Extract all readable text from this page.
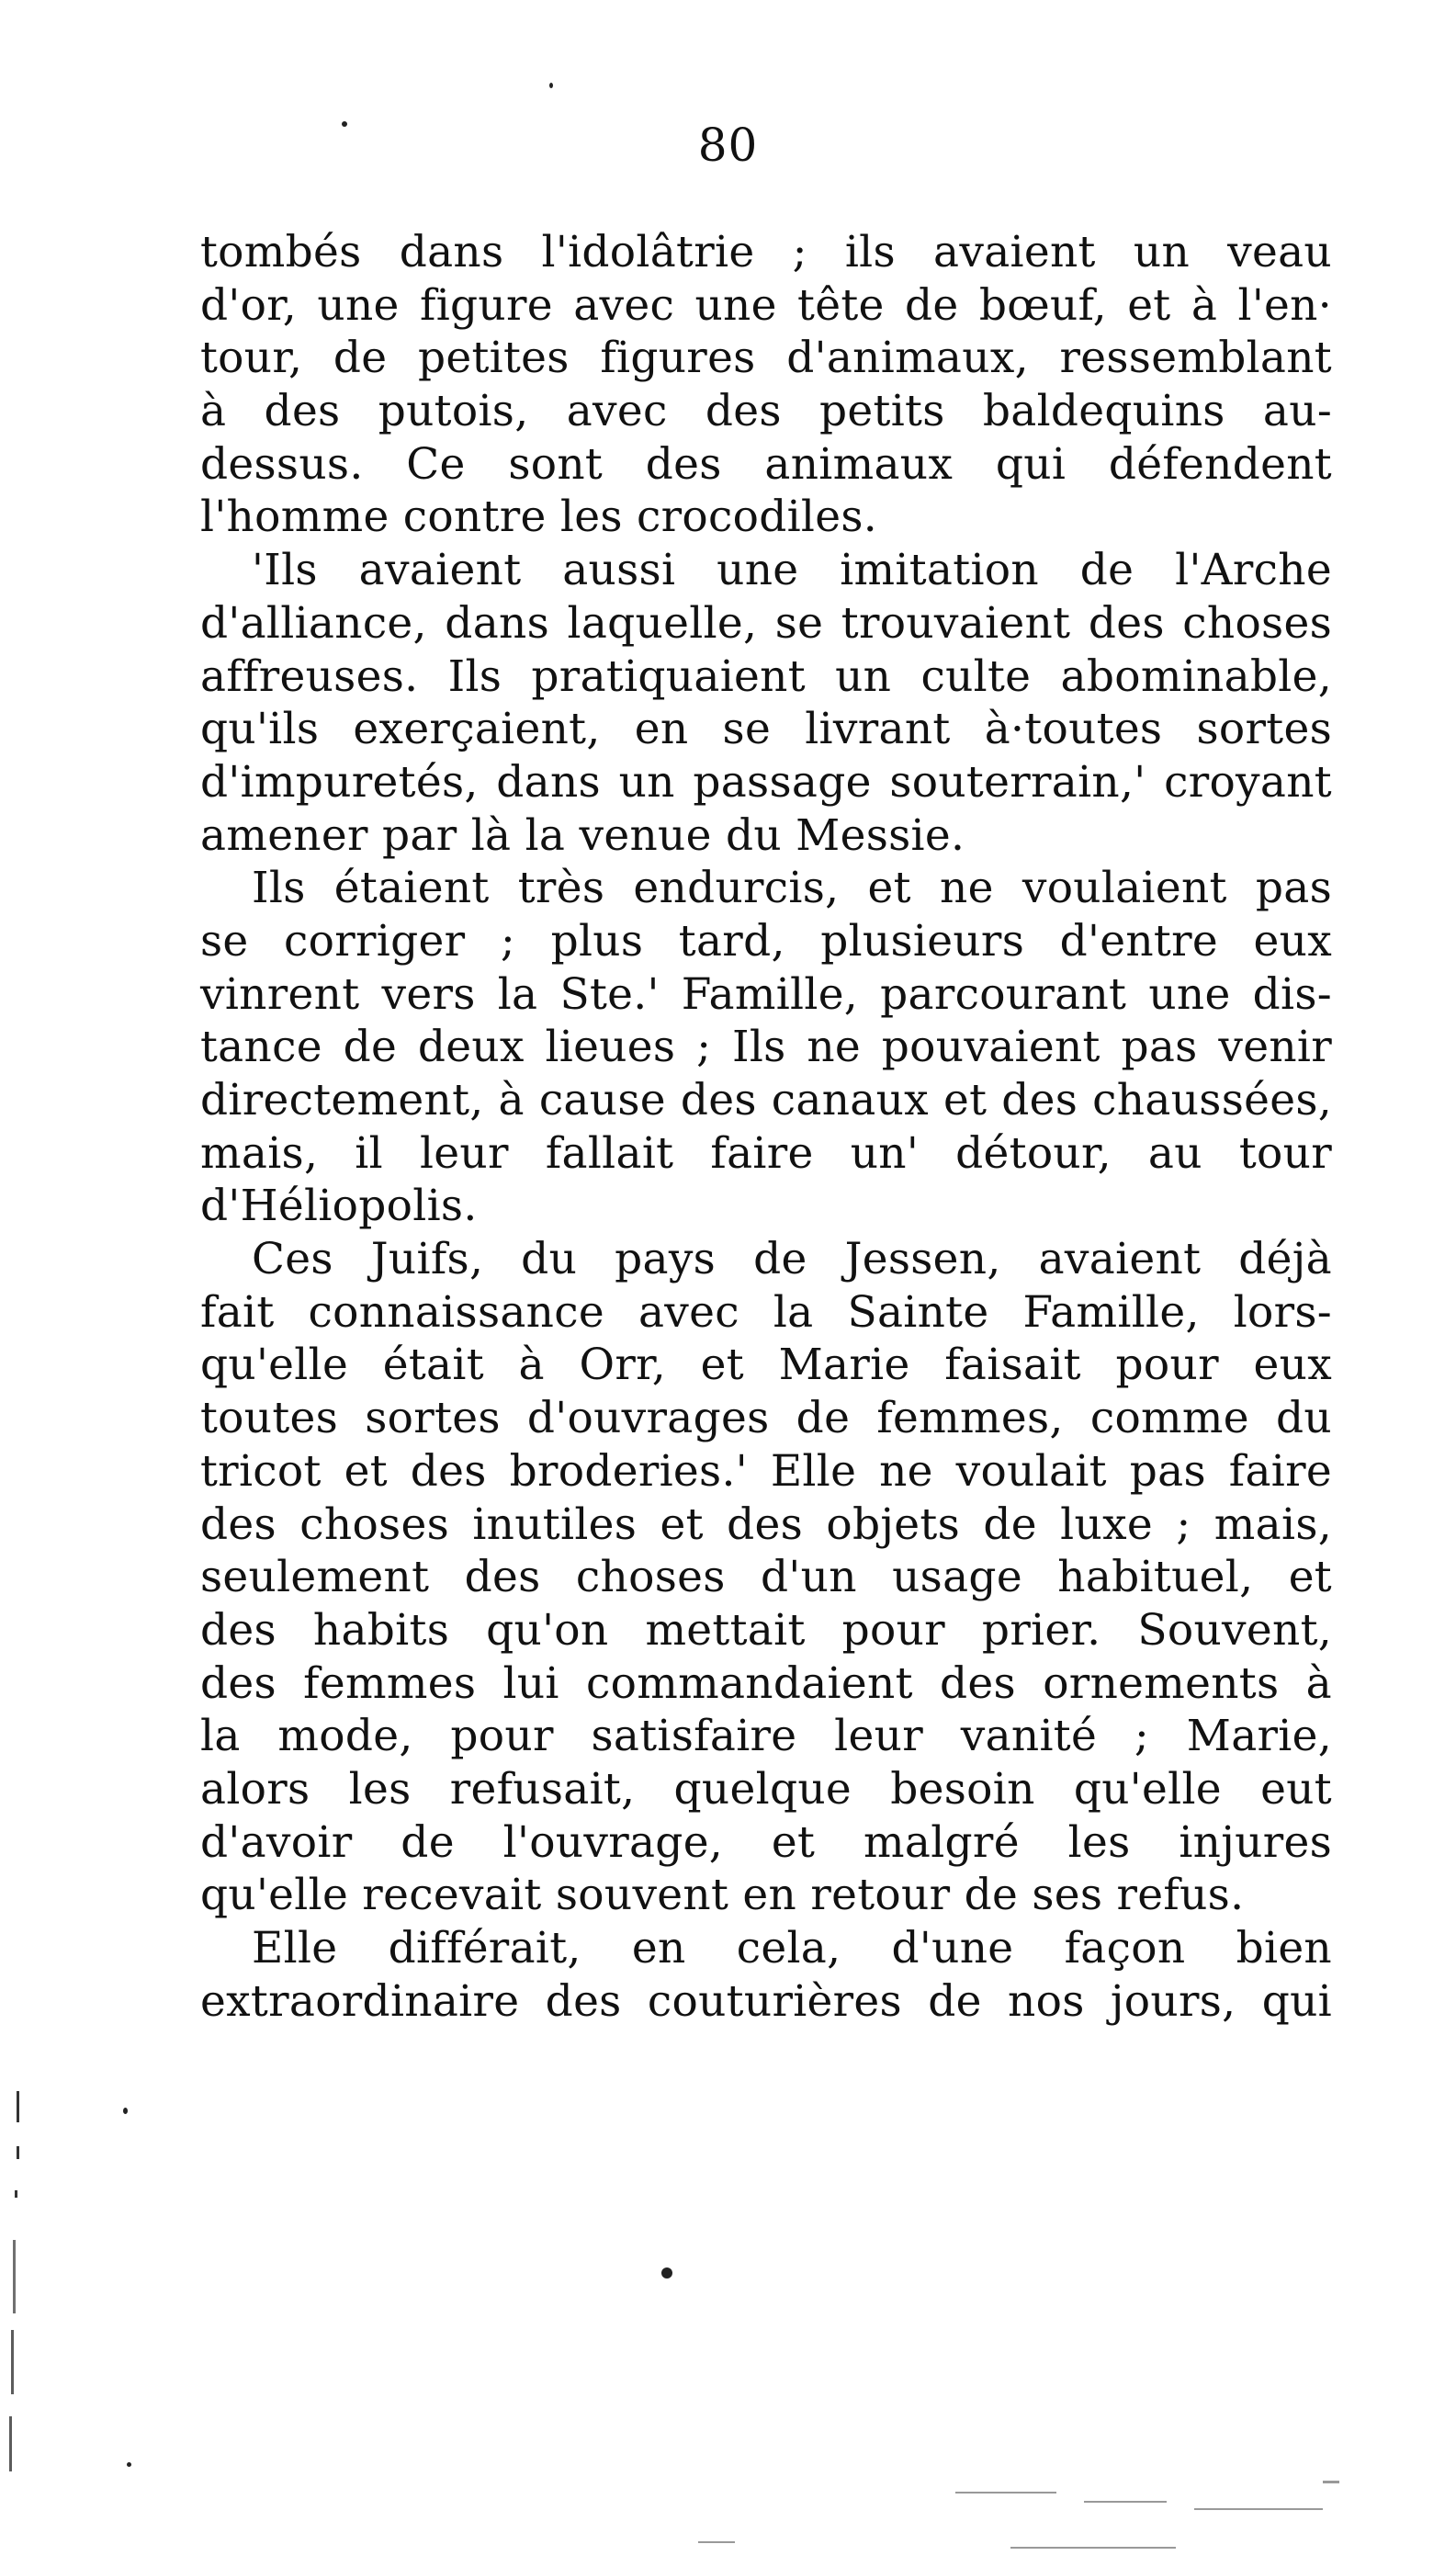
80
tombés dans l'idolâtrie ; ils avaient un veau
d'or, une figure avec une tête de bœuf, et à l'en·
tour, de petites figures d'animaux, ressemblant
à des putois, avec des petits baldequins au-
dessus. Ce sont des animaux qui défendent
l'homme contre les crocodiles.
'Ils avaient aussi une imitation de l'Arche
d'alliance, dans laquelle, se trouvaient des choses
affreuses. Ils pratiquaient un culte abominable,
qu'ils exerçaient, en se livrant à·toutes sortes
d'impuretés, dans un passage souterrain,' croyant
amener par là la venue du Messie.
Ils étaient très endurcis, et ne voulaient pas
se corriger ; plus tard, plusieurs d'entre eux
vinrent vers la Ste.' Famille, parcourant une dis-
tance de deux lieues ; Ils ne pouvaient pas venir
directement, à cause des canaux et des chaussées,
mais, il leur fallait faire un' détour, au tour
d'Héliopolis.
Ces Juifs, du pays de Jessen, avaient déjà
fait connaissance avec la Sainte Famille, lors-
qu'elle était à Orr, et Marie faisait pour eux
toutes sortes d'ouvrages de femmes, comme du
tricot et des broderies.' Elle ne voulait pas faire
des choses inutiles et des objets de luxe ; mais,
seulement des choses d'un usage habituel, et
des habits qu'on mettait pour prier. Souvent,
des femmes lui commandaient des ornements à
la mode, pour satisfaire leur vanité ; Marie,
alors les refusait, quelque besoin qu'elle eut
d'avoir de l'ouvrage, et malgré les injures
qu'elle recevait souvent en retour de ses refus.
Elle différait, en cela, d'une façon bien
extraordinaire des couturières de nos jours, qui
